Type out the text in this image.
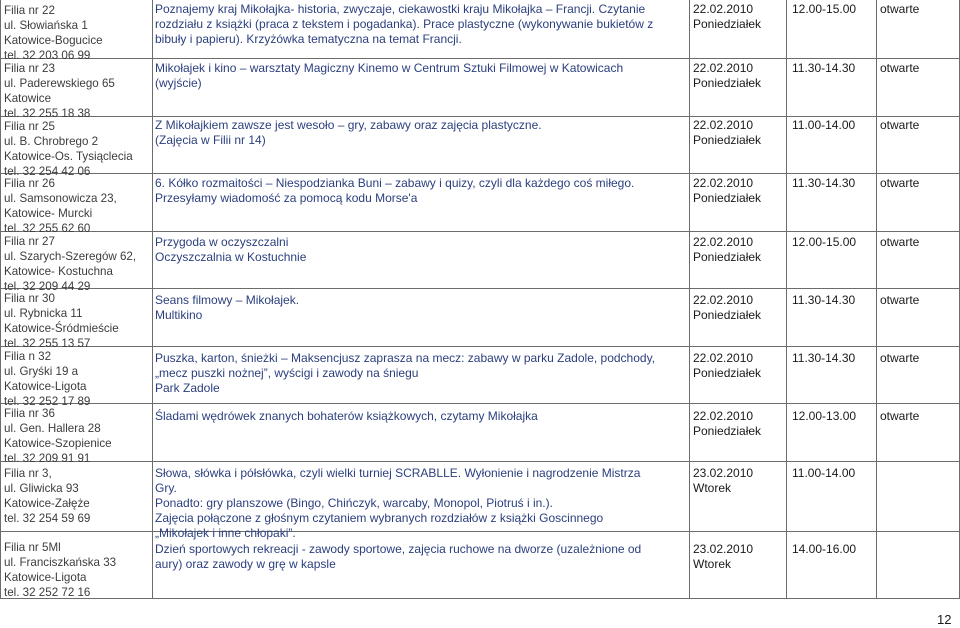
Filia nr 22
ul. Słowiańska 1
Katowice-Bogucice
tel. 32 203 06 99
Filia nr 23
ul. Paderewskiego 65
Katowice
tel. 32 255 18 38
Filia nr 25
ul. B. Chrobrego 2
Katowice-Os. Tysiąclecia
tel. 32 254 42 06
Filia nr 26
ul. Samsonowicza 23,
Katowice- Murcki
tel. 32 255 62 60
Filia nr 27
ul. Szarych-Szeregów 62,
Katowice- Kostuchna
tel. 32 209 44 29
Filia nr 30
ul. Rybnicka 11
Katowice-Śródmieście
tel. 32 255 13 57
Filia n 32
ul. Gryśki 19 a
Katowice-Ligota
tel. 32 252 17 89
Filia nr 36
ul. Gen. Hallera 28
Katowice-Szopienice
tel. 32 209 91 91
Filia nr 3,
ul. Gliwicka 93
Katowice-Załęże
tel. 32 254 59 69
Filia nr 5Ml
ul. Franciszkańska 33
Katowice-Ligota
tel. 32 252 72 16
Poznajemy kraj Mikołajka- historia, zwyczaje, ciekawostki kraju Mikołajka – Francji. Czytanie
rozdziału z książki (praca z tekstem i pogadanka). Prace plastyczne (wykonywanie bukietów z
bibuły i papieru). Krzyżówka tematyczna na temat Francji.
Mikołajek i kino – warsztaty Magiczny Kinemo w Centrum Sztuki Filmowej w Katowicach
(wyjście)
Z Mikołajkiem zawsze jest wesoło – gry, zabawy oraz zajęcia plastyczne.
(Zajęcia w Filii nr 14)
6. Kółko rozmaitości – Niespodzianka Buni – zabawy i quizy, czyli dla każdego coś miłego.
Przesyłamy wiadomość za pomocą kodu Morse'a
Przygoda w oczyszczalni
Oczyszczalnia w Kostuchnie
Seans filmowy – Mikołajek.
Multikino
Puszka, karton, śnieżki – Maksencjusz zaprasza na mecz: zabawy w parku Zadole, podchody,
„mecz puszki nożnej”, wyścigi i zawody na śniegu
Park Zadole
Śladami wędrówek znanych bohaterów książkowych, czytamy Mikołajka
Słowa, słówka i półsłówka, czyli wielki turniej SCRABLLE. Wyłonienie i nagrodzenie Mistrza
Gry.
Ponadto: gry planszowe (Bingo, Chińczyk, warcaby, Monopol, Piotruś i in.).
Zajęcia połączone z głośnym czytaniem wybranych rozdziałów z książki Goscinnego
„Mikołajek i inne chłopaki”.
Dzień sportowych rekreacji - zawody sportowe, zajęcia ruchowe na dworze (uzależnione od
aury) oraz zawody w grę w kapsle
22.02.2010
Poniedziałek
22.02.2010
Poniedziałek
22.02.2010
Poniedziałek
22.02.2010
Poniedziałek
22.02.2010
Poniedziałek
22.02.2010
Poniedziałek
22.02.2010
Poniedziałek
22.02.2010
Poniedziałek
23.02.2010
Wtorek
23.02.2010
Wtorek
12.00-15.00
11.30-14.30
11.00-14.00
11.30-14.30
12.00-15.00
11.30-14.30
11.30-14.30
12.00-13.00
11.00-14.00
14.00-16.00
otwarte
otwarte
otwarte
otwarte
otwarte
otwarte
otwarte
otwarte
12
